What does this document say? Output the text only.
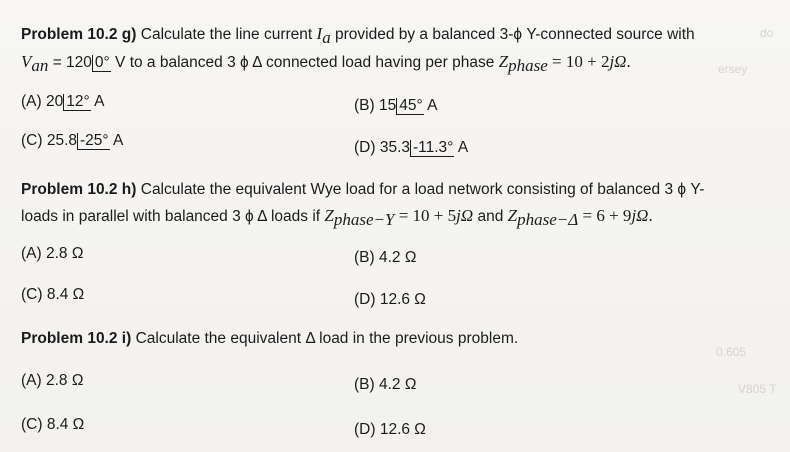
do
ersey
0.605
V805 T
Problem 10.2 g) Calculate the line current $I_a$ provided by a balanced 3-ϕ Y-connected source with
$V_{an} = 120$ 0° V to a balanced 3 ϕ Δ connected load having per phase $Z_{phase} = 10 + 2j\Omega$.
(A) 20 12° A	(B) 15 45° A
(C) 25.8 -25° A	(D) 35.3 -11.3° A
Problem 10.2 h) Calculate the equivalent Wye load for a load network consisting of balanced 3 ϕ Y-
loads in parallel with balanced 3 ϕ Δ loads if $Z_{phase-Y} = 10 + 5j\Omega$ and $Z_{phase-\Delta} = 6 + 9j\Omega$.
(A) 2.8 Ω	(B) 4.2 Ω
(C) 8.4 Ω	(D) 12.6 Ω
Problem 10.2 i) Calculate the equivalent Δ load in the previous problem.
(A) 2.8 Ω	(B) 4.2 Ω
(C) 8.4 Ω	(D) 12.6 Ω
